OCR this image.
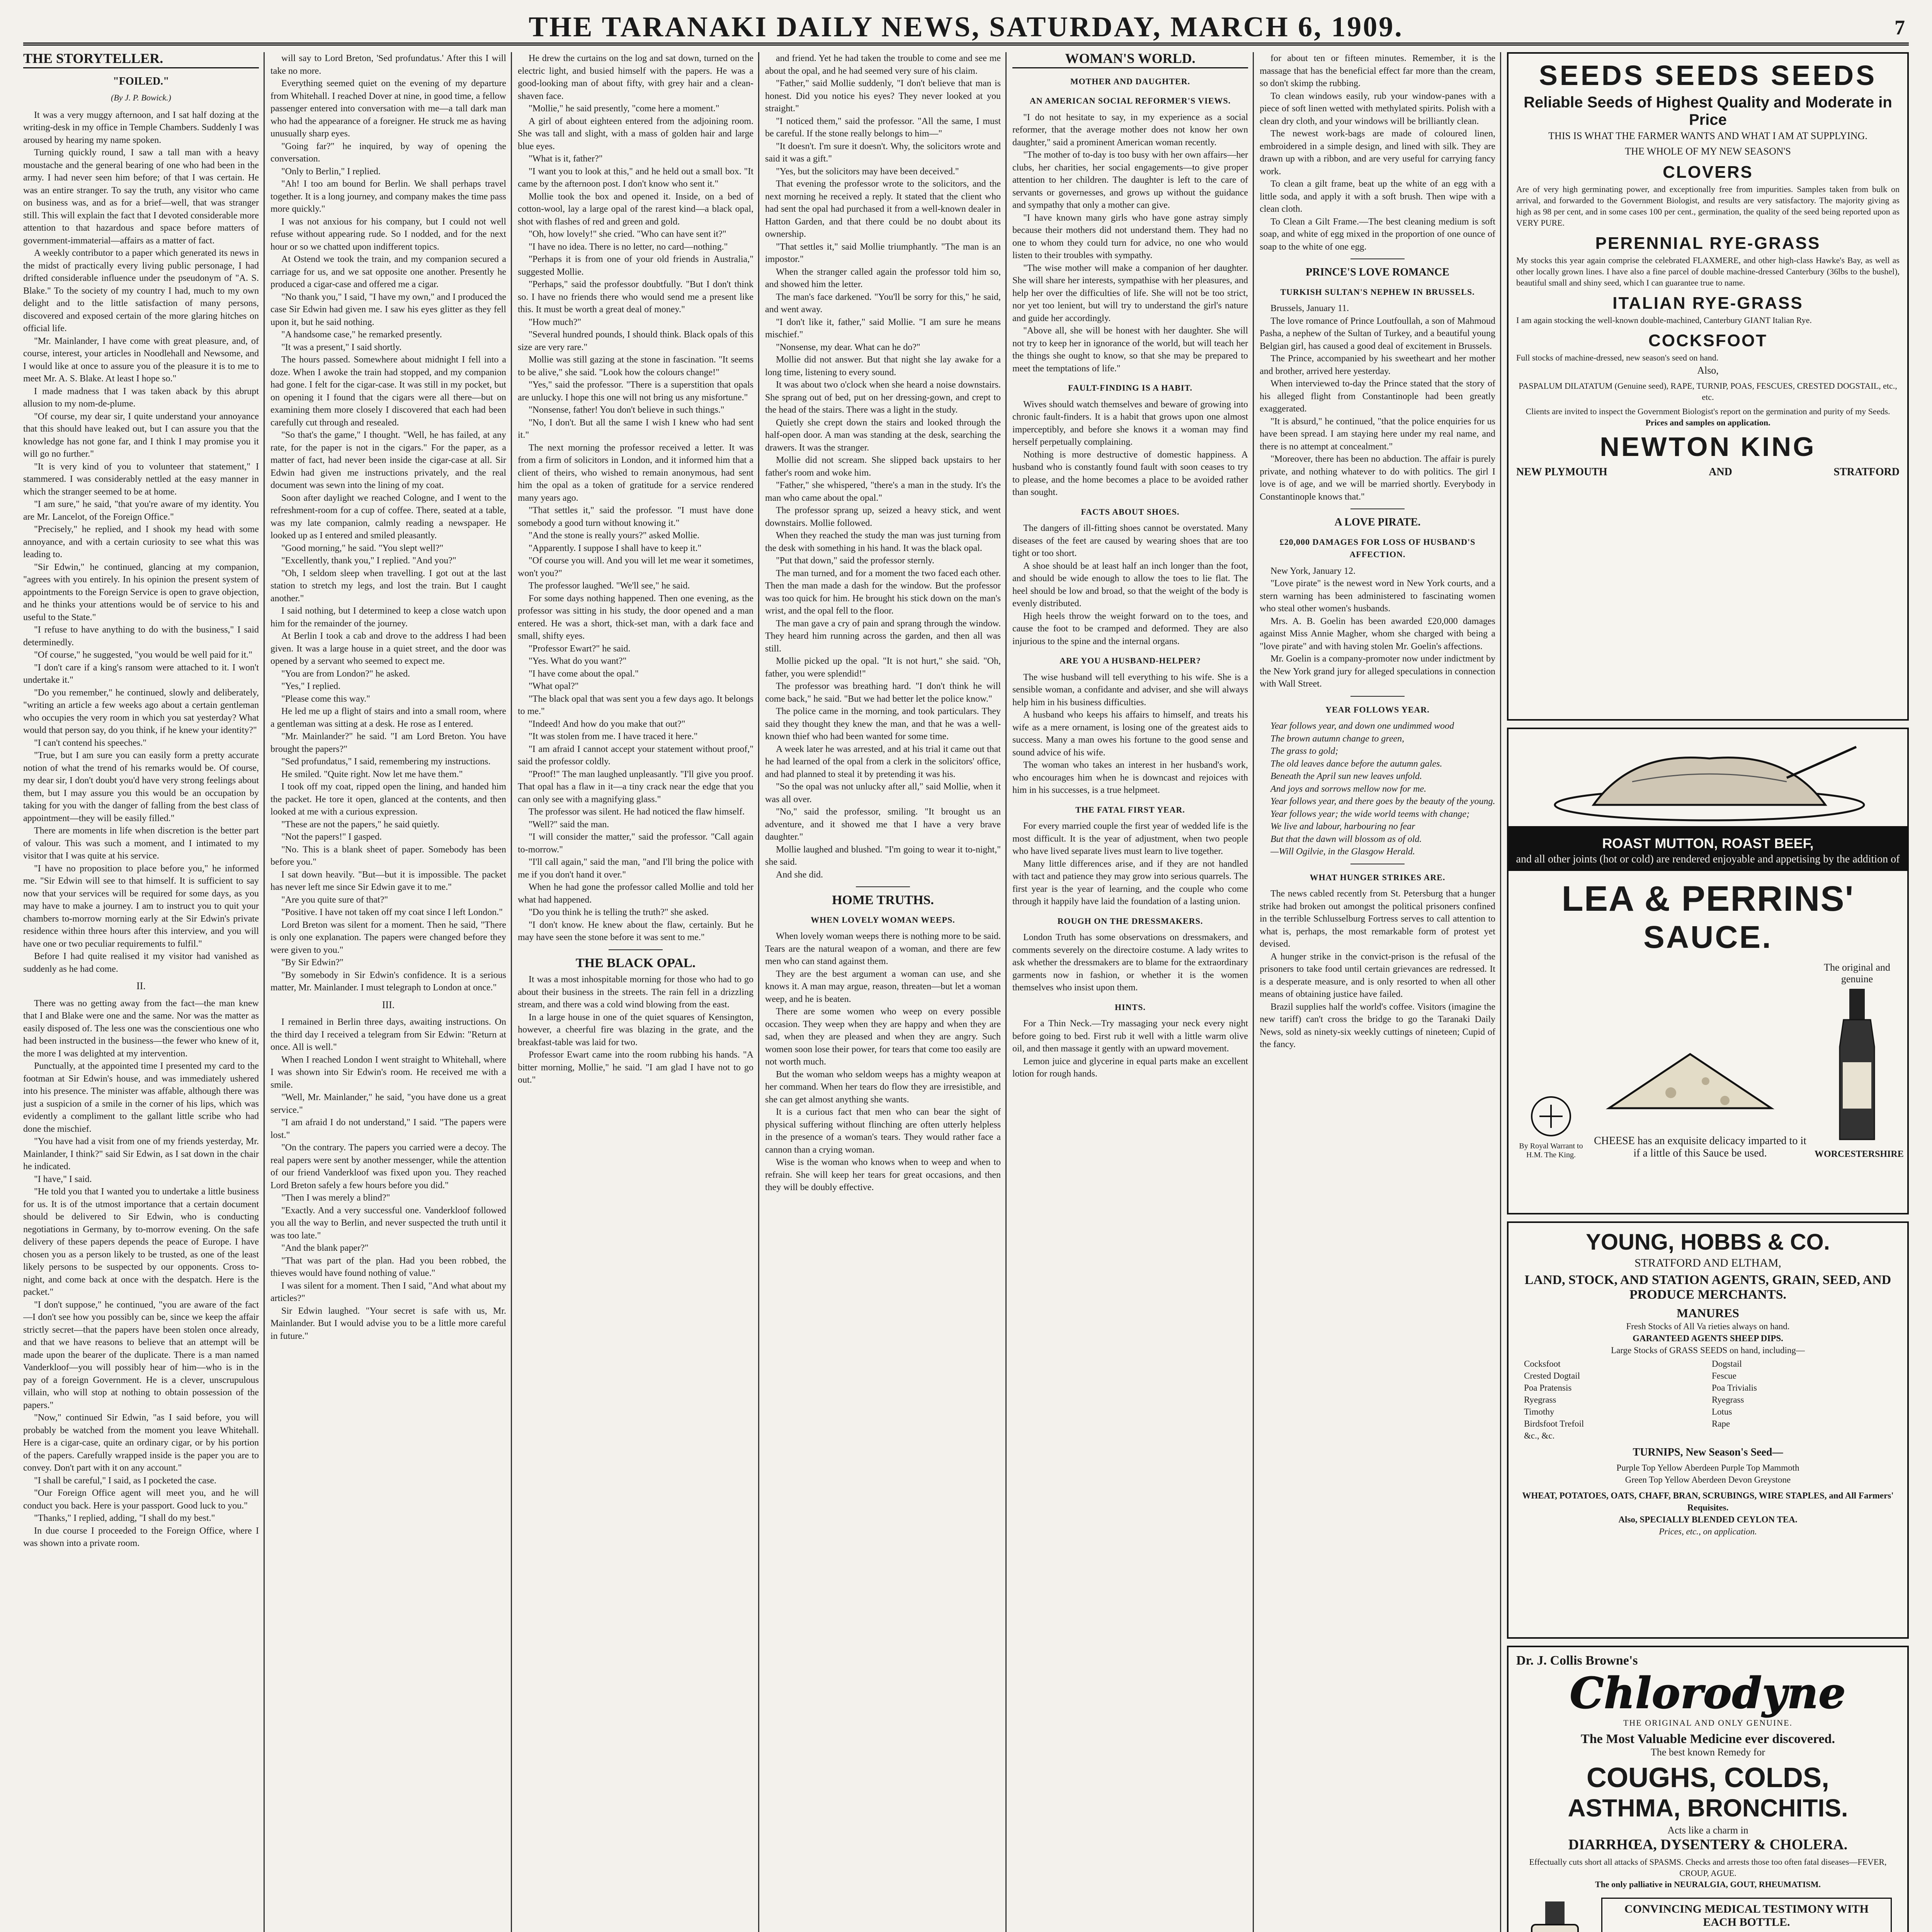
THE TARANAKI DAILY NEWS, SATURDAY, MARCH 6, 1909.	7
THE STORYTELLER.
"FOILED."
(By J. P. Bowick.)

It was a very muggy afternoon, and I sat half dozing at the writing-desk in my office in Temple Chambers. Suddenly I was aroused by hearing my name spoken.

Turning quickly round, I saw a tall man with a heavy moustache and the general bearing of one who had been in the army. I had never seen him before; of that I was certain. He was an entire stranger. To say the truth, any visitor who came on business was, and as for a brief—well, that was stranger still. This will explain the fact that I devoted considerable more attention to that hazardous and space before matters of government-immaterial—affairs as a matter of fact.

A weekly contributor to a paper which generated its news in the midst of practically every living public personage, I had drifted considerable influence under the pseudonym of "A. S. Blake." To the society of my country I had, much to my own delight and to the little satisfaction of many persons, discovered and exposed certain of the more glaring hitches on official life.

"Mr. Mainlander, I have come with great pleasure, and, of course, interest, your articles in Noodlehall and Newsome, and I would like at once to assure you of the pleasure it is to me to meet Mr. A. S. Blake. At least I hope so."

I made madness that I was taken aback by this abrupt allusion to my nom-de-plume.

"Of course, my dear sir, I quite understand your annoyance that this should have leaked out, but I can assure you that the knowledge has not gone far, and I think I may promise you it will go no further."

"It is very kind of you to volunteer that statement," I stammered. I was considerably nettled at the easy manner in which the stranger seemed to be at home.

"I am sure," he said, "that you're aware of my identity. You are Mr. Lancelot, of the Foreign Office."

"Precisely," he replied, and I shook my head with some annoyance, and with a certain curiosity to see what this was leading to.

"Sir Edwin," he continued, glancing at my companion, "agrees with you entirely. In his opinion the present system of appointments to the Foreign Service is open to grave objection, and he thinks your attentions would be of service to his and useful to the State."

"I refuse to have anything to do with the business," I said determinedly.

"Of course," he suggested, "you would be well paid for it."

"I don't care if a king's ransom were attached to it. I won't undertake it."

"Do you remember," he continued, slowly and deliberately, "writing an article a few weeks ago about a certain gentleman who occupies the very room in which you sat yesterday? What would that person say, do you think, if he knew your identity?"

"I can't contend his speeches."

"True, but I am sure you can easily form a pretty accurate notion of what the trend of his remarks would be. Of course, my dear sir, I don't doubt you'd have very strong feelings about them, but I may assure you this would be an occupation by taking for you with the danger of falling from the best class of appointment—they will be easily filled."

There are moments in life when discretion is the better part of valour. This was such a moment, and I intimated to my visitor that I was quite at his service.

"I have no proposition to place before you," he informed me. "Sir Edwin will see to that himself. It is sufficient to say now that your services will be required for some days, as you may have to make a journey. I am to instruct you to quit your chambers to-morrow morning early at the Sir Edwin's private residence within three hours after this interview, and you will have one or two peculiar requirements to fulfil."

Before I had quite realised it my visitor had vanished as suddenly as he had come.

II.

There was no getting away from the fact—the man knew that I and Blake were one and the same. Nor was the matter as easily disposed of. The less one was the conscientious one who had been instructed in the business—the fewer who knew of it, the more I was delighted at my intervention.

Punctually, at the appointed time I presented my card to the footman at Sir Edwin's house, and was immediately ushered into his presence. The minister was affable, although there was just a suspicion of a smile in the corner of his lips, which was evidently a compliment to the gallant little scribe who had done the mischief.

"You have had a visit from one of my friends yesterday, Mr. Mainlander, I think?" said Sir Edwin, as I sat down in the chair he indicated.

"I have," I said.

"He told you that I wanted you to undertake a little business for us. It is of the utmost importance that a certain document should be delivered to Sir Edwin, who is conducting negotiations in Germany, by to-morrow evening. On the safe delivery of these papers depends the peace of Europe. I have chosen you as a person likely to be trusted, as one of the least likely persons to be suspected by our opponents. Cross to-night, and come back at once with the despatch. Here is the packet."

"I don't suppose," he continued, "you are aware of the fact—I don't see how you possibly can be, since we keep the affair strictly secret—that the papers have been stolen once already, and that we have reasons to believe that an attempt will be made upon the bearer of the duplicate. There is a man named Vanderkloof—you will possibly hear of him—who is in the pay of a foreign Government. He is a clever, unscrupulous villain, who will stop at nothing to obtain possession of the papers."

"Now," continued Sir Edwin, "as I said before, you will probably be watched from the moment you leave Whitehall. Here is a cigar-case, quite an ordinary cigar, or by his portion of the papers. Carefully wrapped inside is the paper you are to convey. Don't part with it on any account."

"I shall be careful," I said, as I pocketed the case.

"Our Foreign Office agent will meet you, and he will conduct you back. Here is your passport. Good luck to you."

"Thanks," I replied, adding, "I shall do my best."

In due course I proceeded to the Foreign Office, where I was shown into a private room.

will say to Lord Breton, 'Sed profundatus.' After this I will take no more.

Everything seemed quiet on the evening of my departure from Whitehall. I reached Dover at nine, in good time, a fellow passenger entered into conversation with me—a tall dark man who had the appearance of a foreigner. He struck me as having unusually sharp eyes.

"Going far?" he inquired, by way of opening the conversation.

"Only to Berlin," I replied.

"Ah! I too am bound for Berlin. We shall perhaps travel together. It is a long journey, and company makes the time pass more quickly."

I was not anxious for his company, but I could not well refuse without appearing rude. So I nodded, and for the next hour or so we chatted upon indifferent topics.

At Ostend we took the train, and my companion secured a carriage for us, and we sat opposite one another. Presently he produced a cigar-case and offered me a cigar.

"No thank you," I said, "I have my own," and I produced the case Sir Edwin had given me. I saw his eyes glitter as they fell upon it, but he said nothing.

"A handsome case," he remarked presently.

"It was a present," I said shortly.

The hours passed. Somewhere about midnight I fell into a doze. When I awoke the train had stopped, and my companion had gone. I felt for the cigar-case. It was still in my pocket, but on opening it I found that the cigars were all there—but on examining them more closely I discovered that each had been carefully cut through and resealed.

"So that's the game," I thought. "Well, he has failed, at any rate, for the paper is not in the cigars." For the paper, as a matter of fact, had never been inside the cigar-case at all. Sir Edwin had given me instructions privately, and the real document was sewn into the lining of my coat.

Soon after daylight we reached Cologne, and I went to the refreshment-room for a cup of coffee. There, seated at a table, was my late companion, calmly reading a newspaper. He looked up as I entered and smiled pleasantly.

"Good morning," he said. "You slept well?"

"Excellently, thank you," I replied. "And you?"

"Oh, I seldom sleep when travelling. I got out at the last station to stretch my legs, and lost the train. But I caught another."

I said nothing, but I determined to keep a close watch upon him for the remainder of the journey.

At Berlin I took a cab and drove to the address I had been given. It was a large house in a quiet street, and the door was opened by a servant who seemed to expect me.

"You are from London?" he asked.

"Yes," I replied.

"Please come this way."

He led me up a flight of stairs and into a small room, where a gentleman was sitting at a desk. He rose as I entered.

"Mr. Mainlander?" he said. "I am Lord Breton. You have brought the papers?"

"Sed profundatus," I said, remembering my instructions.

He smiled. "Quite right. Now let me have them."

I took off my coat, ripped open the lining, and handed him the packet. He tore it open, glanced at the contents, and then looked at me with a curious expression.

"These are not the papers," he said quietly.

"Not the papers!" I gasped.

"No. This is a blank sheet of paper. Somebody has been before you."

I sat down heavily. "But—but it is impossible. The packet has never left me since Sir Edwin gave it to me."

"Are you quite sure of that?"

"Positive. I have not taken off my coat since I left London."

Lord Breton was silent for a moment. Then he said, "There is only one explanation. The papers were changed before they were given to you."

"By Sir Edwin?"

"By somebody in Sir Edwin's confidence. It is a serious matter, Mr. Mainlander. I must telegraph to London at once."

III.

I remained in Berlin three days, awaiting instructions. On the third day I received a telegram from Sir Edwin: "Return at once. All is well."

When I reached London I went straight to Whitehall, where I was shown into Sir Edwin's room. He received me with a smile.

"Well, Mr. Mainlander," he said, "you have done us a great service."

"I am afraid I do not understand," I said. "The papers were lost."

"On the contrary. The papers you carried were a decoy. The real papers were sent by another messenger, while the attention of our friend Vanderkloof was fixed upon you. They reached Lord Breton safely a few hours before you did."

"Then I was merely a blind?"

"Exactly. And a very successful one. Vanderkloof followed you all the way to Berlin, and never suspected the truth until it was too late."

"And the blank paper?"

"That was part of the plan. Had you been robbed, the thieves would have found nothing of value."

I was silent for a moment. Then I said, "And what about my articles?"

Sir Edwin laughed. "Your secret is safe with us, Mr. Mainlander. But I would advise you to be a little more careful in future."

He drew the curtains on the log and sat down, turned on the electric light, and busied himself with the papers. He was a good-looking man of about fifty, with grey hair and a clean-shaven face.

"Mollie," he said presently, "come here a moment."

A girl of about eighteen entered from the adjoining room. She was tall and slight, with a mass of golden hair and large blue eyes.

"What is it, father?"

"I want you to look at this," and he held out a small box. "It came by the afternoon post. I don't know who sent it."

Mollie took the box and opened it. Inside, on a bed of cotton-wool, lay a large opal of the rarest kind—a black opal, shot with flashes of red and green and gold.

"Oh, how lovely!" she cried. "Who can have sent it?"

"I have no idea. There is no letter, no card—nothing."

"Perhaps it is from one of your old friends in Australia," suggested Mollie.

"Perhaps," said the professor doubtfully. "But I don't think so. I have no friends there who would send me a present like this. It must be worth a great deal of money."

"How much?"

"Several hundred pounds, I should think. Black opals of this size are very rare."

Mollie was still gazing at the stone in fascination. "It seems to be alive," she said. "Look how the colours change!"

"Yes," said the professor. "There is a superstition that opals are unlucky. I hope this one will not bring us any misfortune."

"Nonsense, father! You don't believe in such things."

"No, I don't. But all the same I wish I knew who had sent it."

The next morning the professor received a letter. It was from a firm of solicitors in London, and it informed him that a client of theirs, who wished to remain anonymous, had sent him the opal as a token of gratitude for a service rendered many years ago.

"That settles it," said the professor. "I must have done somebody a good turn without knowing it."

"And the stone is really yours?" asked Mollie.

"Apparently. I suppose I shall have to keep it."

"Of course you will. And you will let me wear it sometimes, won't you?"

The professor laughed. "We'll see," he said.

For some days nothing happened. Then one evening, as the professor was sitting in his study, the door opened and a man entered. He was a short, thick-set man, with a dark face and small, shifty eyes.

"Professor Ewart?" he said.

"Yes. What do you want?"

"I have come about the opal."

"What opal?"

"The black opal that was sent you a few days ago. It belongs to me."

"Indeed! And how do you make that out?"

"It was stolen from me. I have traced it here."

"I am afraid I cannot accept your statement without proof," said the professor coldly.

"Proof!" The man laughed unpleasantly. "I'll give you proof. That opal has a flaw in it—a tiny crack near the edge that you can only see with a magnifying glass."

The professor was silent. He had noticed the flaw himself.

"Well?" said the man.

"I will consider the matter," said the professor. "Call again to-morrow."

"I'll call again," said the man, "and I'll bring the police with me if you don't hand it over."

When he had gone the professor called Mollie and told her what had happened.

"Do you think he is telling the truth?" she asked.

"I don't know. He knew about the flaw, certainly. But he may have seen the stone before it was sent to me."

THE BLACK OPAL.

It was a most inhospitable morning for those who had to go about their business in the streets. The rain fell in a drizzling stream, and there was a cold wind blowing from the east.

In a large house in one of the quiet squares of Kensington, however, a cheerful fire was blazing in the grate, and the breakfast-table was laid for two.

Professor Ewart came into the room rubbing his hands. "A bitter morning, Mollie," he said. "I am glad I have not to go out."

and friend. Yet he had taken the trouble to come and see me about the opal, and he had seemed very sure of his claim.

"Father," said Mollie suddenly, "I don't believe that man is honest. Did you notice his eyes? They never looked at you straight."

"I noticed them," said the professor. "All the same, I must be careful. If the stone really belongs to him—"

"It doesn't. I'm sure it doesn't. Why, the solicitors wrote and said it was a gift."

"Yes, but the solicitors may have been deceived."

That evening the professor wrote to the solicitors, and the next morning he received a reply. It stated that the client who had sent the opal had purchased it from a well-known dealer in Hatton Garden, and that there could be no doubt about its ownership.

"That settles it," said Mollie triumphantly. "The man is an impostor."

When the stranger called again the professor told him so, and showed him the letter.

The man's face darkened. "You'll be sorry for this," he said, and went away.

"I don't like it, father," said Mollie. "I am sure he means mischief."

"Nonsense, my dear. What can he do?"

Mollie did not answer. But that night she lay awake for a long time, listening to every sound.

It was about two o'clock when she heard a noise downstairs. She sprang out of bed, put on her dressing-gown, and crept to the head of the stairs. There was a light in the study.

Quietly she crept down the stairs and looked through the half-open door. A man was standing at the desk, searching the drawers. It was the stranger.

Mollie did not scream. She slipped back upstairs to her father's room and woke him.

"Father," she whispered, "there's a man in the study. It's the man who came about the opal."

The professor sprang up, seized a heavy stick, and went downstairs. Mollie followed.

When they reached the study the man was just turning from the desk with something in his hand. It was the black opal.

"Put that down," said the professor sternly.

The man turned, and for a moment the two faced each other. Then the man made a dash for the window. But the professor was too quick for him. He brought his stick down on the man's wrist, and the opal fell to the floor.

The man gave a cry of pain and sprang through the window. They heard him running across the garden, and then all was still.

Mollie picked up the opal. "It is not hurt," she said. "Oh, father, you were splendid!"

The professor was breathing hard. "I don't think he will come back," he said. "But we had better let the police know."

The police came in the morning, and took particulars. They said they thought they knew the man, and that he was a well-known thief who had been wanted for some time.

A week later he was arrested, and at his trial it came out that he had learned of the opal from a clerk in the solicitors' office, and had planned to steal it by pretending it was his.

"So the opal was not unlucky after all," said Mollie, when it was all over.

"No," said the professor, smiling. "It brought us an adventure, and it showed me that I have a very brave daughter."

Mollie laughed and blushed. "I'm going to wear it to-night," she said.

And she did.

HOME TRUTHS.
WHEN LOVELY WOMAN WEEPS.

When lovely woman weeps there is nothing more to be said. Tears are the natural weapon of a woman, and there are few men who can stand against them.

They are the best argument a woman can use, and she knows it. A man may argue, reason, threaten—but let a woman weep, and he is beaten.

There are some women who weep on every possible occasion. They weep when they are happy and when they are sad, when they are pleased and when they are angry. Such women soon lose their power, for tears that come too easily are not worth much.

But the woman who seldom weeps has a mighty weapon at her command. When her tears do flow they are irresistible, and she can get almost anything she wants.

It is a curious fact that men who can bear the sight of physical suffering without flinching are often utterly helpless in the presence of a woman's tears. They would rather face a cannon than a crying woman.

Wise is the woman who knows when to weep and when to refrain. She will keep her tears for great occasions, and then they will be doubly effective.

WOMAN'S WORLD.
MOTHER AND DAUGHTER.
AN AMERICAN SOCIAL REFORMER'S VIEWS.

"I do not hesitate to say, in my experience as a social reformer, that the average mother does not know her own daughter," said a prominent American woman recently.

"The mother of to-day is too busy with her own affairs—her clubs, her charities, her social engagements—to give proper attention to her children. The daughter is left to the care of servants or governesses, and grows up without the guidance and sympathy that only a mother can give.

"I have known many girls who have gone astray simply because their mothers did not understand them. They had no one to whom they could turn for advice, no one who would listen to their troubles with sympathy.

"The wise mother will make a companion of her daughter. She will share her interests, sympathise with her pleasures, and help her over the difficulties of life. She will not be too strict, nor yet too lenient, but will try to understand the girl's nature and guide her accordingly.

"Above all, she will be honest with her daughter. She will not try to keep her in ignorance of the world, but will teach her the things she ought to know, so that she may be prepared to meet the temptations of life."

FAULT-FINDING IS A HABIT.

Wives should watch themselves and beware of growing into chronic fault-finders. It is a habit that grows upon one almost imperceptibly, and before she knows it a woman may find herself perpetually complaining.

Nothing is more destructive of domestic happiness. A husband who is constantly found fault with soon ceases to try to please, and the home becomes a place to be avoided rather than sought.

FACTS ABOUT SHOES.

The dangers of ill-fitting shoes cannot be overstated. Many diseases of the feet are caused by wearing shoes that are too tight or too short.

A shoe should be at least half an inch longer than the foot, and should be wide enough to allow the toes to lie flat. The heel should be low and broad, so that the weight of the body is evenly distributed.

High heels throw the weight forward on to the toes, and cause the foot to be cramped and deformed. They are also injurious to the spine and the internal organs.

ARE YOU A HUSBAND-HELPER?

The wise husband will tell everything to his wife. She is a sensible woman, a confidante and adviser, and she will always help him in his business difficulties.

A husband who keeps his affairs to himself, and treats his wife as a mere ornament, is losing one of the greatest aids to success. Many a man owes his fortune to the good sense and sound advice of his wife.

The woman who takes an interest in her husband's work, who encourages him when he is downcast and rejoices with him in his successes, is a true helpmeet.

THE FATAL FIRST YEAR.

For every married couple the first year of wedded life is the most difficult. It is the year of adjustment, when two people who have lived separate lives must learn to live together.

Many little differences arise, and if they are not handled with tact and patience they may grow into serious quarrels. The first year is the year of learning, and the couple who come through it happily have laid the foundation of a lasting union.

ROUGH ON THE DRESSMAKERS.

London Truth has some observations on dressmakers, and comments severely on the directoire costume. A lady writes to ask whether the dressmakers are to blame for the extraordinary garments now in fashion, or whether it is the women themselves who insist upon them.

HINTS.

For a Thin Neck.—Try massaging your neck every night before going to bed. First rub it well with a little warm olive oil, and then massage it gently with an upward movement.

Lemon juice and glycerine in equal parts make an excellent lotion for rough hands.

for about ten or fifteen minutes. Remember, it is the massage that has the beneficial effect far more than the cream, so don't skimp the rubbing.

To clean windows easily, rub your window-panes with a piece of soft linen wetted with methylated spirits. Polish with a clean dry cloth, and your windows will be brilliantly clean.

The newest work-bags are made of coloured linen, embroidered in a simple design, and lined with silk. They are drawn up with a ribbon, and are very useful for carrying fancy work.

To clean a gilt frame, beat up the white of an egg with a little soda, and apply it with a soft brush. Then wipe with a clean cloth.

To Clean a Gilt Frame.—The best cleaning medium is soft soap, and white of egg mixed in the proportion of one ounce of soap to the white of one egg.

PRINCE'S LOVE ROMANCE
TURKISH SULTAN'S NEPHEW IN BRUSSELS.

Brussels, January 11.

The love romance of Prince Loutfoullah, a son of Mahmoud Pasha, a nephew of the Sultan of Turkey, and a beautiful young Belgian girl, has caused a good deal of excitement in Brussels.

The Prince, accompanied by his sweetheart and her mother and brother, arrived here yesterday.

When interviewed to-day the Prince stated that the story of his alleged flight from Constantinople had been greatly exaggerated.

"It is absurd," he continued, "that the police enquiries for us have been spread. I am staying here under my real name, and there is no attempt at concealment."

"Moreover, there has been no abduction. The affair is purely private, and nothing whatever to do with politics. The girl I love is of age, and we will be married shortly. Everybody in Constantinople knows that."

A LOVE PIRATE.
£20,000 DAMAGES FOR LOSS OF HUSBAND'S AFFECTION.

New York, January 12.

"Love pirate" is the newest word in New York courts, and a stern warning has been administered to fascinating women who steal other women's husbands.

Mrs. A. B. Goelin has been awarded £20,000 damages against Miss Annie Magher, whom she charged with being a "love pirate" and with having stolen Mr. Goelin's affections.

Mr. Goelin is a company-promoter now under indictment by the New York grand jury for alleged speculations in connection with Wall Street.

YEAR FOLLOWS YEAR.

Year follows year, and down one undimmed wood

The brown autumn change to green,

The grass to gold;

The old leaves dance before the autumn gales.

Beneath the April sun new leaves unfold.

And joys and sorrows mellow now for me.

Year follows year, and there goes by the beauty of the young.

Year follows year; the wide world teems with change;

We live and labour, harbouring no fear

But that the dawn will blossom as of old.

—Will Ogilvie, in the Glasgow Herald.

WHAT HUNGER STRIKES ARE.

The news cabled recently from St. Petersburg that a hunger strike had broken out amongst the political prisoners confined in the terrible Schlusselburg Fortress serves to call attention to what is, perhaps, the most remarkable form of protest yet devised.

A hunger strike in the convict-prison is the refusal of the prisoners to take food until certain grievances are redressed. It is a desperate measure, and is only resorted to when all other means of obtaining justice have failed.

Brazil supplies half the world's coffee. Visitors (imagine the new tariff) can't cross the bridge to go the Taranaki Daily News, sold as ninety-six weekly cuttings of nineteen; Cupid of the fancy.

SEEDS SEEDS SEEDS
Reliable Seeds of Highest Quality and Moderate in Price
THIS IS WHAT THE FARMER WANTS AND WHAT I AM AT SUPPLYING.
THE WHOLE OF MY NEW SEASON'S
CLOVERS
Are of very high germinating power, and exceptionally free from impurities. Samples taken from bulk on arrival, and forwarded to the Government Biologist, and results are very satisfactory. The majority giving as high as 98 per cent, and in some cases 100 per cent., germination, the quality of the seed being reported upon as VERY PURE.
PERENNIAL RYE-GRASS
My stocks this year again comprise the celebrated FLAXMERE, and other high-class Hawke's Bay, as well as other locally grown lines. I have also a fine parcel of double machine-dressed Canterbury (36lbs to the bushel), beautiful small and shiny seed, which I can guarantee true to name.
ITALIAN RYE-GRASS
I am again stocking the well-known double-machined, Canterbury GIANT Italian Rye.
COCKSFOOT
Full stocks of machine-dressed, new season's seed on hand.
Also,
PASPALUM DILATATUM (Genuine seed), RAPE, TURNIP, POAS, FESCUES, CRESTED DOGSTAIL, etc., etc.
Clients are invited to inspect the Government Biologist's report on the germination and purity of my Seeds.
Prices and samples on application.
NEWTON KING
NEW PLYMOUTH	AND	STRATFORD
ROAST MUTTON, ROAST BEEF,
and all other joints (hot or cold) are rendered enjoyable and appetising by the addition of
LEA & PERRINS'
SAUCE.
By Royal Warrant to H.M. The King.
CHEESE has an exquisite delicacy imparted to it if a little of this Sauce be used.
The original and genuine
WORCESTERSHIRE
YOUNG, HOBBS & CO.
STRATFORD AND ELTHAM,
LAND, STOCK, AND STATION AGENTS, GRAIN, SEED, AND PRODUCE MERCHANTS.
MANURES
Fresh Stocks of All Va rieties always on hand.
GARANTEED AGENTS SHEEP DIPS.
Large Stocks of GRASS SEEDS on hand, including—
Cocksfoot	Dogstail
Crested Dogtail	Fescue
Poa Pratensis	Poa Trivialis
Ryegrass	Ryegrass
Timothy	Lotus
Birdsfoot Trefoil	Rape
&c., &c.
TURNIPS, New Season's Seed—
Purple Top Yellow Aberdeen Purple Top Mammoth
Green Top Yellow Aberdeen Devon Greystone
WHEAT, POTATOES, OATS, CHAFF, BRAN, SCRUBINGS, WIRE STAPLES, and All Farmers' Requisites.
Also, SPECIALLY BLENDED CEYLON TEA.
Prices, etc., on application.
Dr. J. Collis Browne's
Chlorodyne
THE ORIGINAL AND ONLY GENUINE.
The Most Valuable Medicine ever discovered.
The best known Remedy for
COUGHS, COLDS,
ASTHMA, BRONCHITIS.
Acts like a charm in
DIARRHŒA, DYSENTERY & CHOLERA.
Effectually cuts short all attacks of SPASMS. Checks and arrests those too often fatal diseases—FEVER, CROUP, AGUE.
The only palliative in NEURALGIA, GOUT, RHEUMATISM.
CONVINCING MEDICAL TESTIMONY WITH EACH BOTTLE.
